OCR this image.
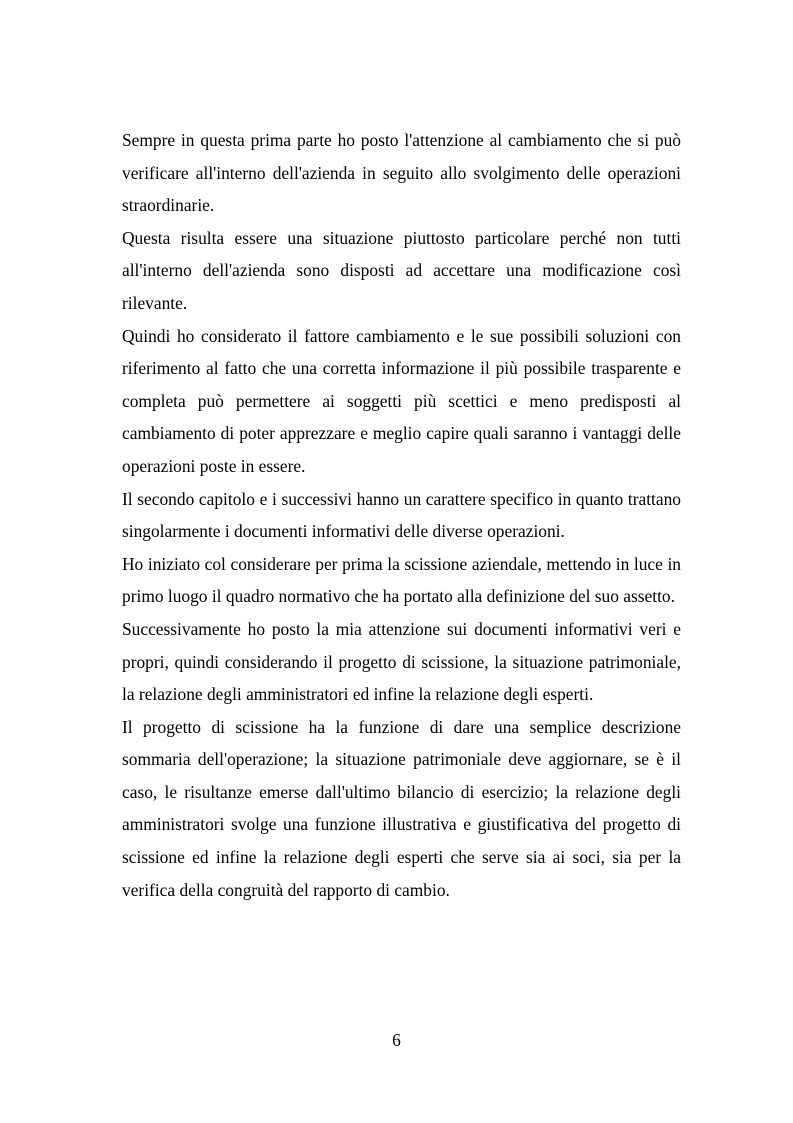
Sempre in questa prima parte ho posto l'attenzione al cambiamento che si può verificare all'interno dell'azienda in seguito allo svolgimento delle operazioni straordinarie.

Questa risulta essere una situazione piuttosto particolare perché non tutti all'interno dell'azienda sono disposti ad accettare una modificazione così rilevante.

Quindi ho considerato il fattore cambiamento e le sue possibili soluzioni con riferimento al fatto che una corretta informazione il più possibile trasparente e completa può permettere ai soggetti più scettici e meno predisposti al cambiamento di poter apprezzare e meglio capire quali saranno i vantaggi delle operazioni poste in essere.

Il secondo capitolo e i successivi hanno un carattere specifico in quanto trattano singolarmente i documenti informativi delle diverse operazioni.

Ho iniziato col considerare per prima la scissione aziendale, mettendo in luce in primo luogo il quadro normativo che ha portato alla definizione del suo assetto.

Successivamente ho posto la mia attenzione sui documenti informativi veri e propri, quindi considerando il progetto di scissione, la situazione patrimoniale, la relazione degli amministratori ed infine la relazione degli esperti.

Il progetto di scissione ha la funzione di dare una semplice descrizione sommaria dell'operazione; la situazione patrimoniale deve aggiornare, se è il caso, le risultanze emerse dall'ultimo bilancio di esercizio; la relazione degli amministratori svolge una funzione illustrativa e giustificativa del progetto di scissione ed infine la relazione degli esperti che serve sia ai soci, sia per la verifica della congruità del rapporto di cambio.

6
